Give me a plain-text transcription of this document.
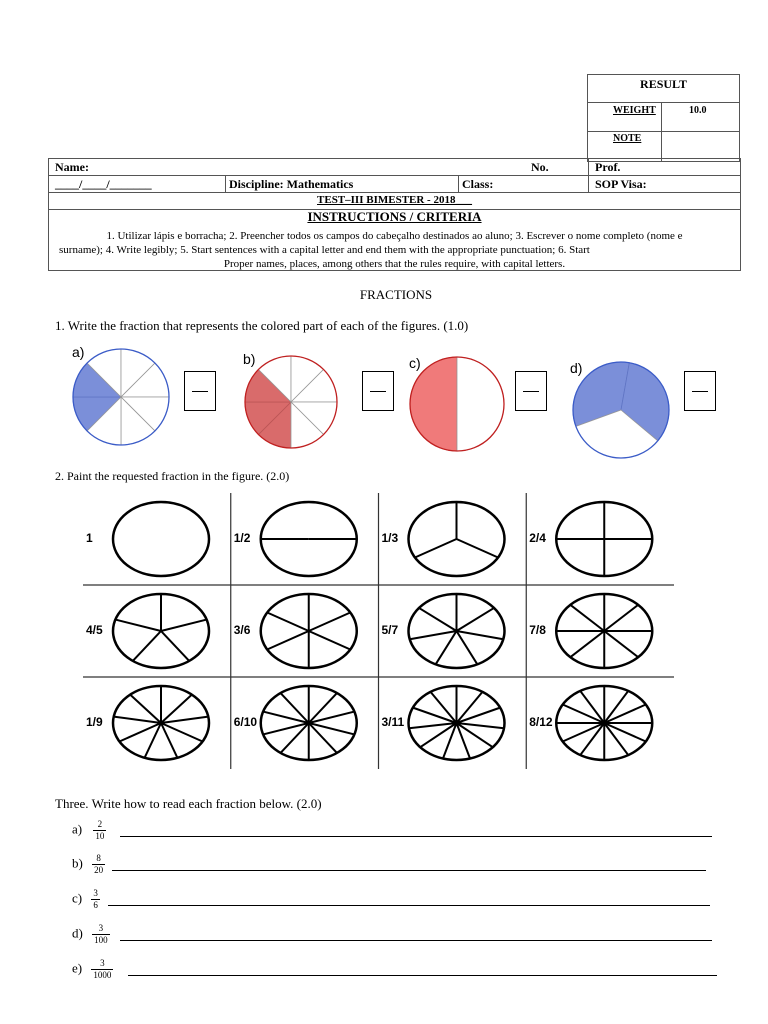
RESULT
WEIGHT	10.0
NOTE
Name:	No.	Prof.
____/____/_______	Discipline: Mathematics	Class:	SOP Visa:
TEST–III BIMESTER - 2018___
INSTRUCTIONS / CRITERIA
1. Utilizar lápis e borracha; 2. Preencher todos os campos do cabeçalho destinados ao aluno; 3. Escrever o nome completo (nome e
surname); 4. Write legibly; 5. Start sentences with a capital letter and end them with the appropriate punctuation; 6. Start
Proper names, places, among others that the rules require, with capital letters.
FRACTIONS
1. Write the fraction that represents the colored part of each of the figures. (1.0)
a)	b)	c)	d)
2. Paint the requested fraction in the figure. (2.0)
1	1/2	1/3	2/4
4/5	3/6	5/7	7/8
1/9	6/10	3/11	8/12
Three. Write how to read each fraction below. (2.0)
$a) \frac{2}{10}$
$b) \frac{8}{20}$
$c) \frac{3}{6}$
$d) \frac{3}{100}$
$e) \frac{3}{1000}$
